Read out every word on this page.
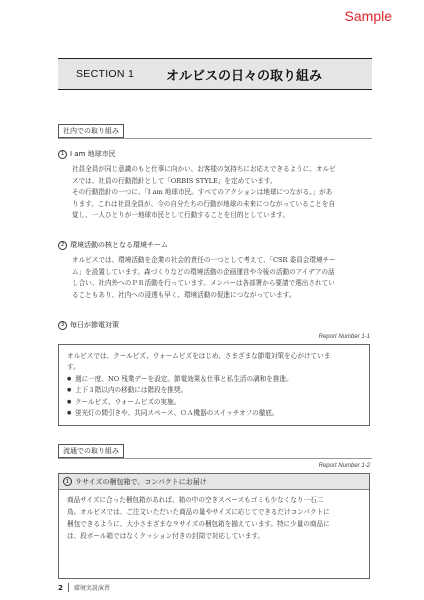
Sample
SECTION 1	オルビスの日々の取り組み
社内での取り組み
1 I am 地球市民
社員全員が同じ意識のもと仕事に向かい、お客様の気持ちにお応えできるように、オルビ
スでは、社員の行動指針として「ORBIS STYLE」を定めています。
その行動指針の一つに、「I am 地球市民。すべてのアクションは地球につながる。」があ
ります。これは社員全員が、今の自分たちの行動が地球の未来につながっていることを自
覚し、一人ひとりが一地球市民として行動することを目的としています。
2 環境活動の核となる環境チーム
オルビスでは、環境活動を企業の社会的責任の一つとして考えて、「CSR 委員会環境チー
ム」を設置しています。森づくりなどの環境活動の企画運営や今後の活動のアイデアの話
し合い、社内外へのＰＲ活動を行っています。メンバーは各部署から要請で選出されてい
ることもあり、社内への浸透も早く、環境活動の促進につながっています。
3 毎日が節電対策
Report Number 1-1
オルビスでは、クールビズ、ウォームビズをはじめ、さまざまな節電対策を心がけていま
す。
● 週に一度、NO 残業デーを設定。節電効果＆仕事と私生活の調和を推進。
● 上下３階以内の移動には階段を推奨。
● クールビズ、ウォームビズの実施。
● 蛍光灯の間引きや、共同スペース、ＯＡ機器のスイッチオフの徹底。
流通での取り組み
Report Number 1-2
1 ９サイズの梱包箱で、コンパクトにお届け
商品サイズに合った梱包箱があれば、箱の中の空きスペースもゴミも少なくなり一石二
鳥。オルビスでは、ご注文いただいた商品の量やサイズに応じてできるだけコンパクトに
梱包できるように、大小さまざまな９サイズの梱包箱を揃えています。特に少量の商品に
は、段ボール箱ではなくクッション付きの封筒で対応しています。
2 環境実説演習
